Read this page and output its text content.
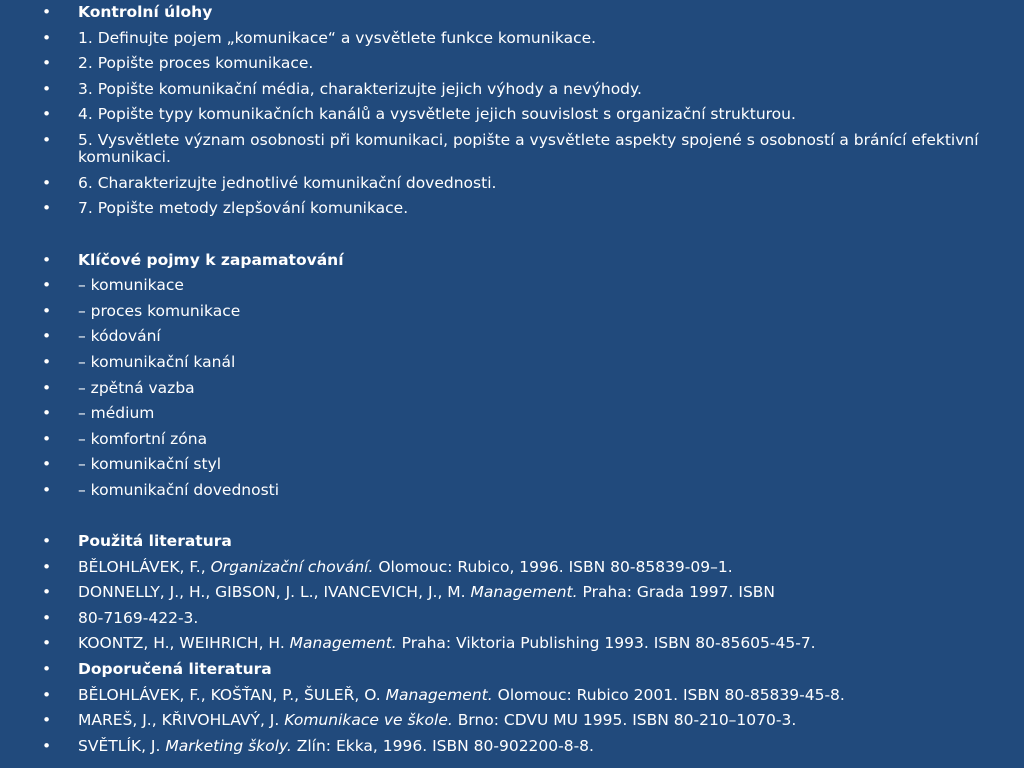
•
Kontrolní úlohy
•
1. Definujte pojem „komunikace“ a vysvětlete funkce komunikace.
•
2. Popište proces komunikace.
•
3. Popište komunikační média, charakterizujte jejich výhody a nevýhody.
•
4. Popište typy komunikačních kanálů a vysvětlete jejich souvislost s organizační strukturou.
•
5. Vysvětlete význam osobnosti při komunikaci, popište a vysvětlete aspekty spojené s osobností a bránící efektivní komunikaci.
•
6. Charakterizujte jednotlivé komunikační dovednosti.
•
7. Popište metody zlepšování komunikace.
•
Klíčové pojmy k zapamatování
•
– komunikace
•
– proces komunikace
•
– kódování
•
– komunikační kanál
•
– zpětná vazba
•
– médium
•
– komfortní zóna
•
– komunikační styl
•
– komunikační dovednosti
•
Použitá literatura
•
BĚLOHLÁVEK, F., Organizační chování. Olomouc: Rubico, 1996. ISBN 80-85839-09–1.
•
DONNELLY, J., H., GIBSON, J. L., IVANCEVICH, J., M. Management. Praha: Grada 1997. ISBN
•
80-7169-422-3.
•
KOONTZ, H., WEIHRICH, H. Management. Praha: Viktoria Publishing 1993. ISBN 80-85605-45-7.
•
Doporučená literatura
•
BĚLOHLÁVEK, F., KOŠŤAN, P., ŠULEŘ, O. Management. Olomouc: Rubico 2001. ISBN 80-85839-45-8.
•
MAREŠ, J., KŘIVOHLAVÝ, J. Komunikace ve škole. Brno: CDVU MU 1995. ISBN 80-210–1070-3.
•
SVĚTLÍK, J. Marketing školy. Zlín: Ekka, 1996. ISBN 80-902200-8-8.
